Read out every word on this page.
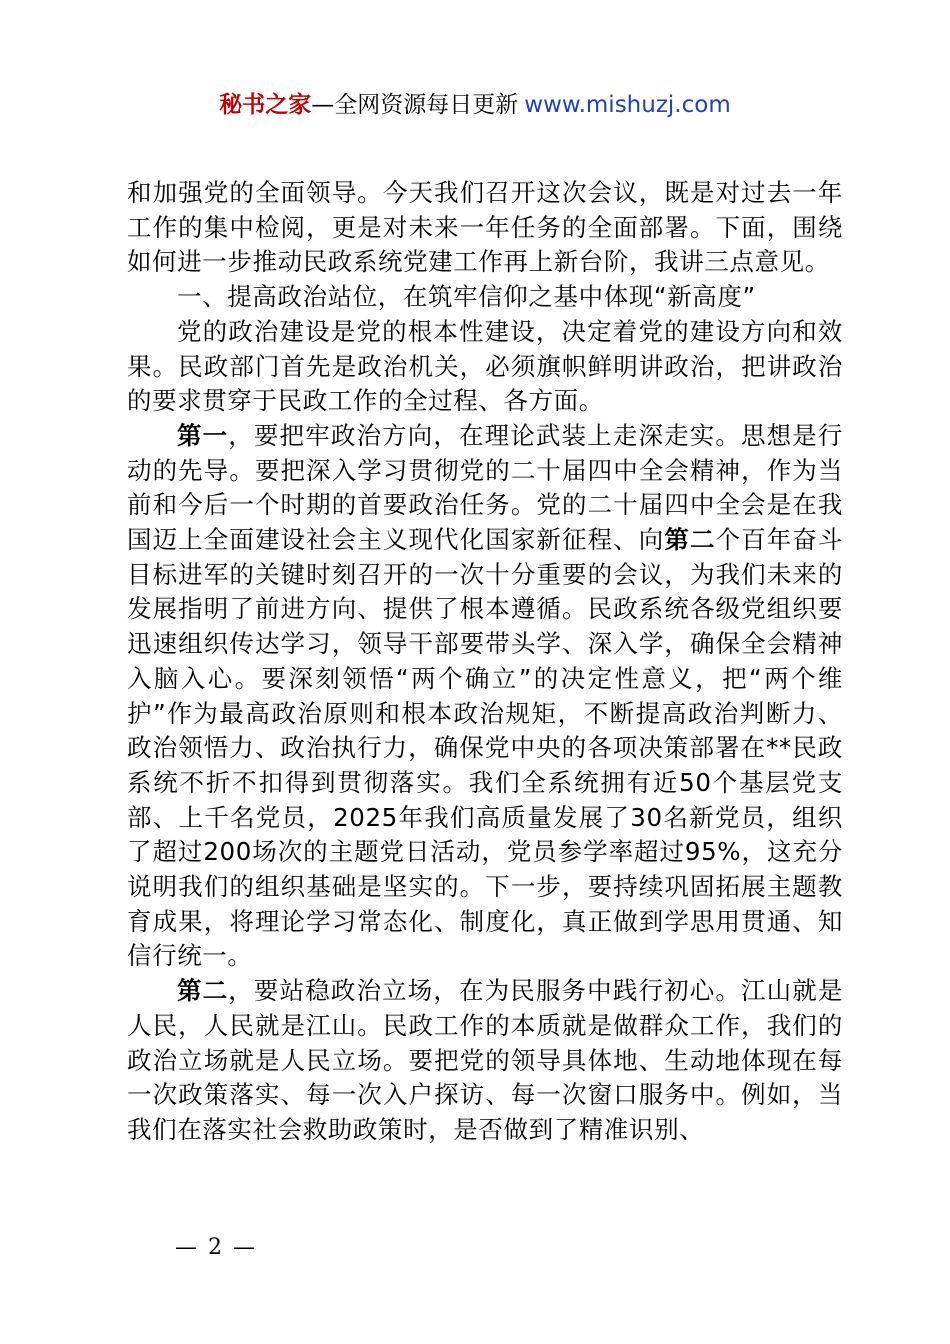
秘书之家—全网资源每日更新 www.mishuzj.com

和加强党的全面领导。今天我们召开这次会议，既是对过去一年工作的集中检阅，更是对未来一年任务的全面部署。下面，围绕如何进一步推动民政系统党建工作再上新台阶，我讲三点意见。

一、提高政治站位，在筑牢信仰之基中体现“新高度”

党的政治建设是党的根本性建设，决定着党的建设方向和效果。民政部门首先是政治机关，必须旗帜鲜明讲政治，把讲政治的要求贯穿于民政工作的全过程、各方面。

第一，要把牢政治方向，在理论武装上走深走实。思想是行动的先导。要把深入学习贯彻党的二十届四中全会精神，作为当前和今后一个时期的首要政治任务。党的二十届四中全会是在我国迈上全面建设社会主义现代化国家新征程、向第二个百年奋斗目标进军的关键时刻召开的一次十分重要的会议，为我们未来的发展指明了前进方向、提供了根本遵循。民政系统各级党组织要迅速组织传达学习，领导干部要带头学、深入学，确保全会精神入脑入心。要深刻领悟“两个确立”的决定性意义，把“两个维护”作为最高政治原则和根本政治规矩，不断提高政治判断力、政治领悟力、政治执行力，确保党中央的各项决策部署在**民政系统不折不扣得到贯彻落实。我们全系统拥有近50个基层党支部、上千名党员，2025年我们高质量发展了30名新党员，组织了超过200场次的主题党日活动，党员参学率超过95%，这充分说明我们的组织基础是坚实的。下一步，要持续巩固拓展主题教育成果，将理论学习常态化、制度化，真正做到学思用贯通、知信行统一。

第二，要站稳政治立场，在为民服务中践行初心。江山就是人民，人民就是江山。民政工作的本质就是做群众工作，我们的政治立场就是人民立场。要把党的领导具体地、生动地体现在每一次政策落实、每一次入户探访、每一次窗口服务中。例如，当我们在落实社会救助政策时，是否做到了精准识别、

— 2 —
